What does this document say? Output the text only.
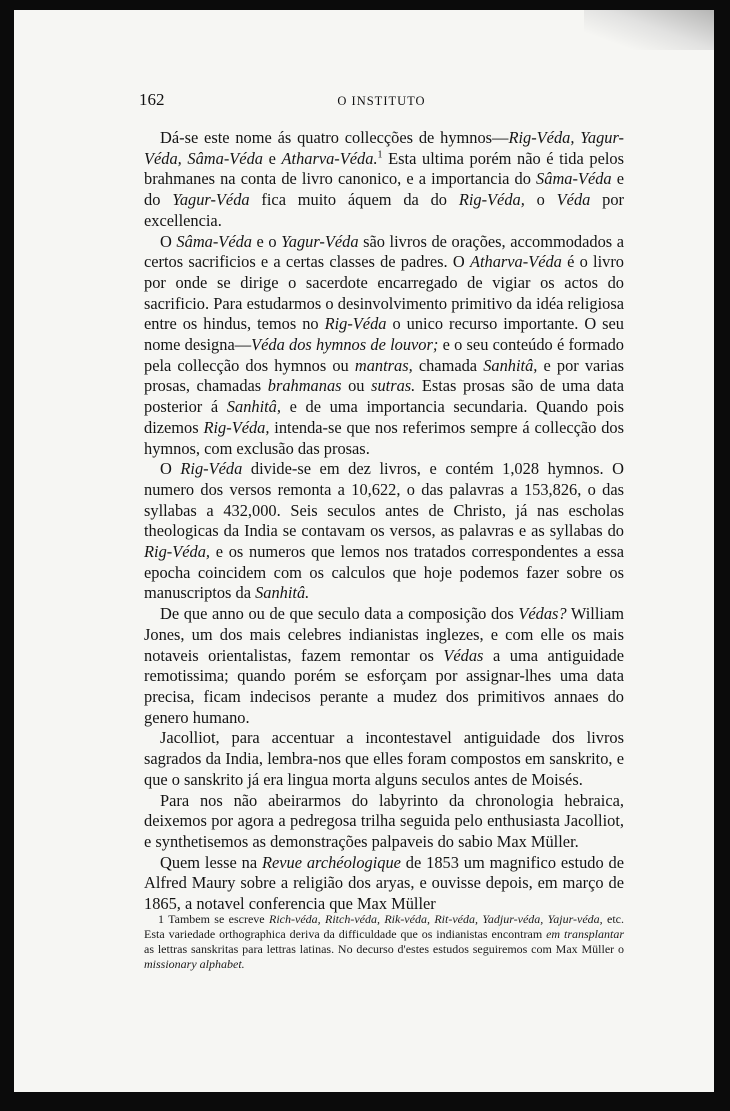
162	O INSTITUTO

Dá-se este nome ás quatro collecções de hymnos—Rig-Véda, Yagur-Véda, Sâma-Véda e Atharva-Véda.$^1$ Esta ultima porém não é tida pelos brahmanes na conta de livro canonico, e a importancia do Sâma-Véda e do Yagur-Véda fica muito áquem da do Rig-Véda, o Véda por excellencia.

O Sâma-Véda e o Yagur-Véda são livros de orações, accommodados a certos sacrificios e a certas classes de padres. O Atharva-Véda é o livro por onde se dirige o sacerdote encarregado de vigiar os actos do sacrificio. Para estudarmos o desinvolvimento primitivo da idéa religiosa entre os hindus, temos no Rig-Véda o unico recurso importante. O seu nome designa—Véda dos hymnos de louvor; e o seu conteúdo é formado pela collecção dos hymnos ou mantras, chamada Sanhitâ, e por varias prosas, chamadas brahmanas ou sutras. Estas prosas são de uma data posterior á Sanhitâ, e de uma importancia secundaria. Quando pois dizemos Rig-Véda, intenda-se que nos referimos sempre á collecção dos hymnos, com exclusão das prosas.

O Rig-Véda divide-se em dez livros, e contém 1,028 hymnos. O numero dos versos remonta a 10,622, o das palavras a 153,826, o das syllabas a 432,000. Seis seculos antes de Christo, já nas escholas theologicas da India se contavam os versos, as palavras e as syllabas do Rig-Véda, e os numeros que lemos nos tratados correspondentes a essa epocha coincidem com os calculos que hoje podemos fazer sobre os manuscriptos da Sanhitâ.

De que anno ou de que seculo data a composição dos Védas? William Jones, um dos mais celebres indianistas inglezes, e com elle os mais notaveis orientalistas, fazem remontar os Védas a uma antiguidade remotissima; quando porém se esforçam por assignar-lhes uma data precisa, ficam indecisos perante a mudez dos primitivos annaes do genero humano.

Jacolliot, para accentuar a incontestavel antiguidade dos livros sagrados da India, lembra-nos que elles foram compostos em sanskrito, e que o sanskrito já era lingua morta alguns seculos antes de Moisés.

Para nos não abeirarmos do labyrinto da chronologia hebraica, deixemos por agora a pedregosa trilha seguida pelo enthusiasta Jacolliot, e synthetisemos as demonstrações palpaveis do sabio Max Müller.

Quem lesse na Revue archéologique de 1853 um magnifico estudo de Alfred Maury sobre a religião dos aryas, e ouvisse depois, em março de 1865, a notavel conferencia que Max Müller

1 Tambem se escreve Rich-véda, Ritch-véda, Rik-véda, Rit-véda, Yadjur-véda, Yajur-véda, etc. Esta variedade orthographica deriva da difficuldade que os indianistas encontram em transplantar as lettras sanskritas para lettras latinas. No decurso d'estes estudos seguiremos com Max Müller o missionary alphabet.
